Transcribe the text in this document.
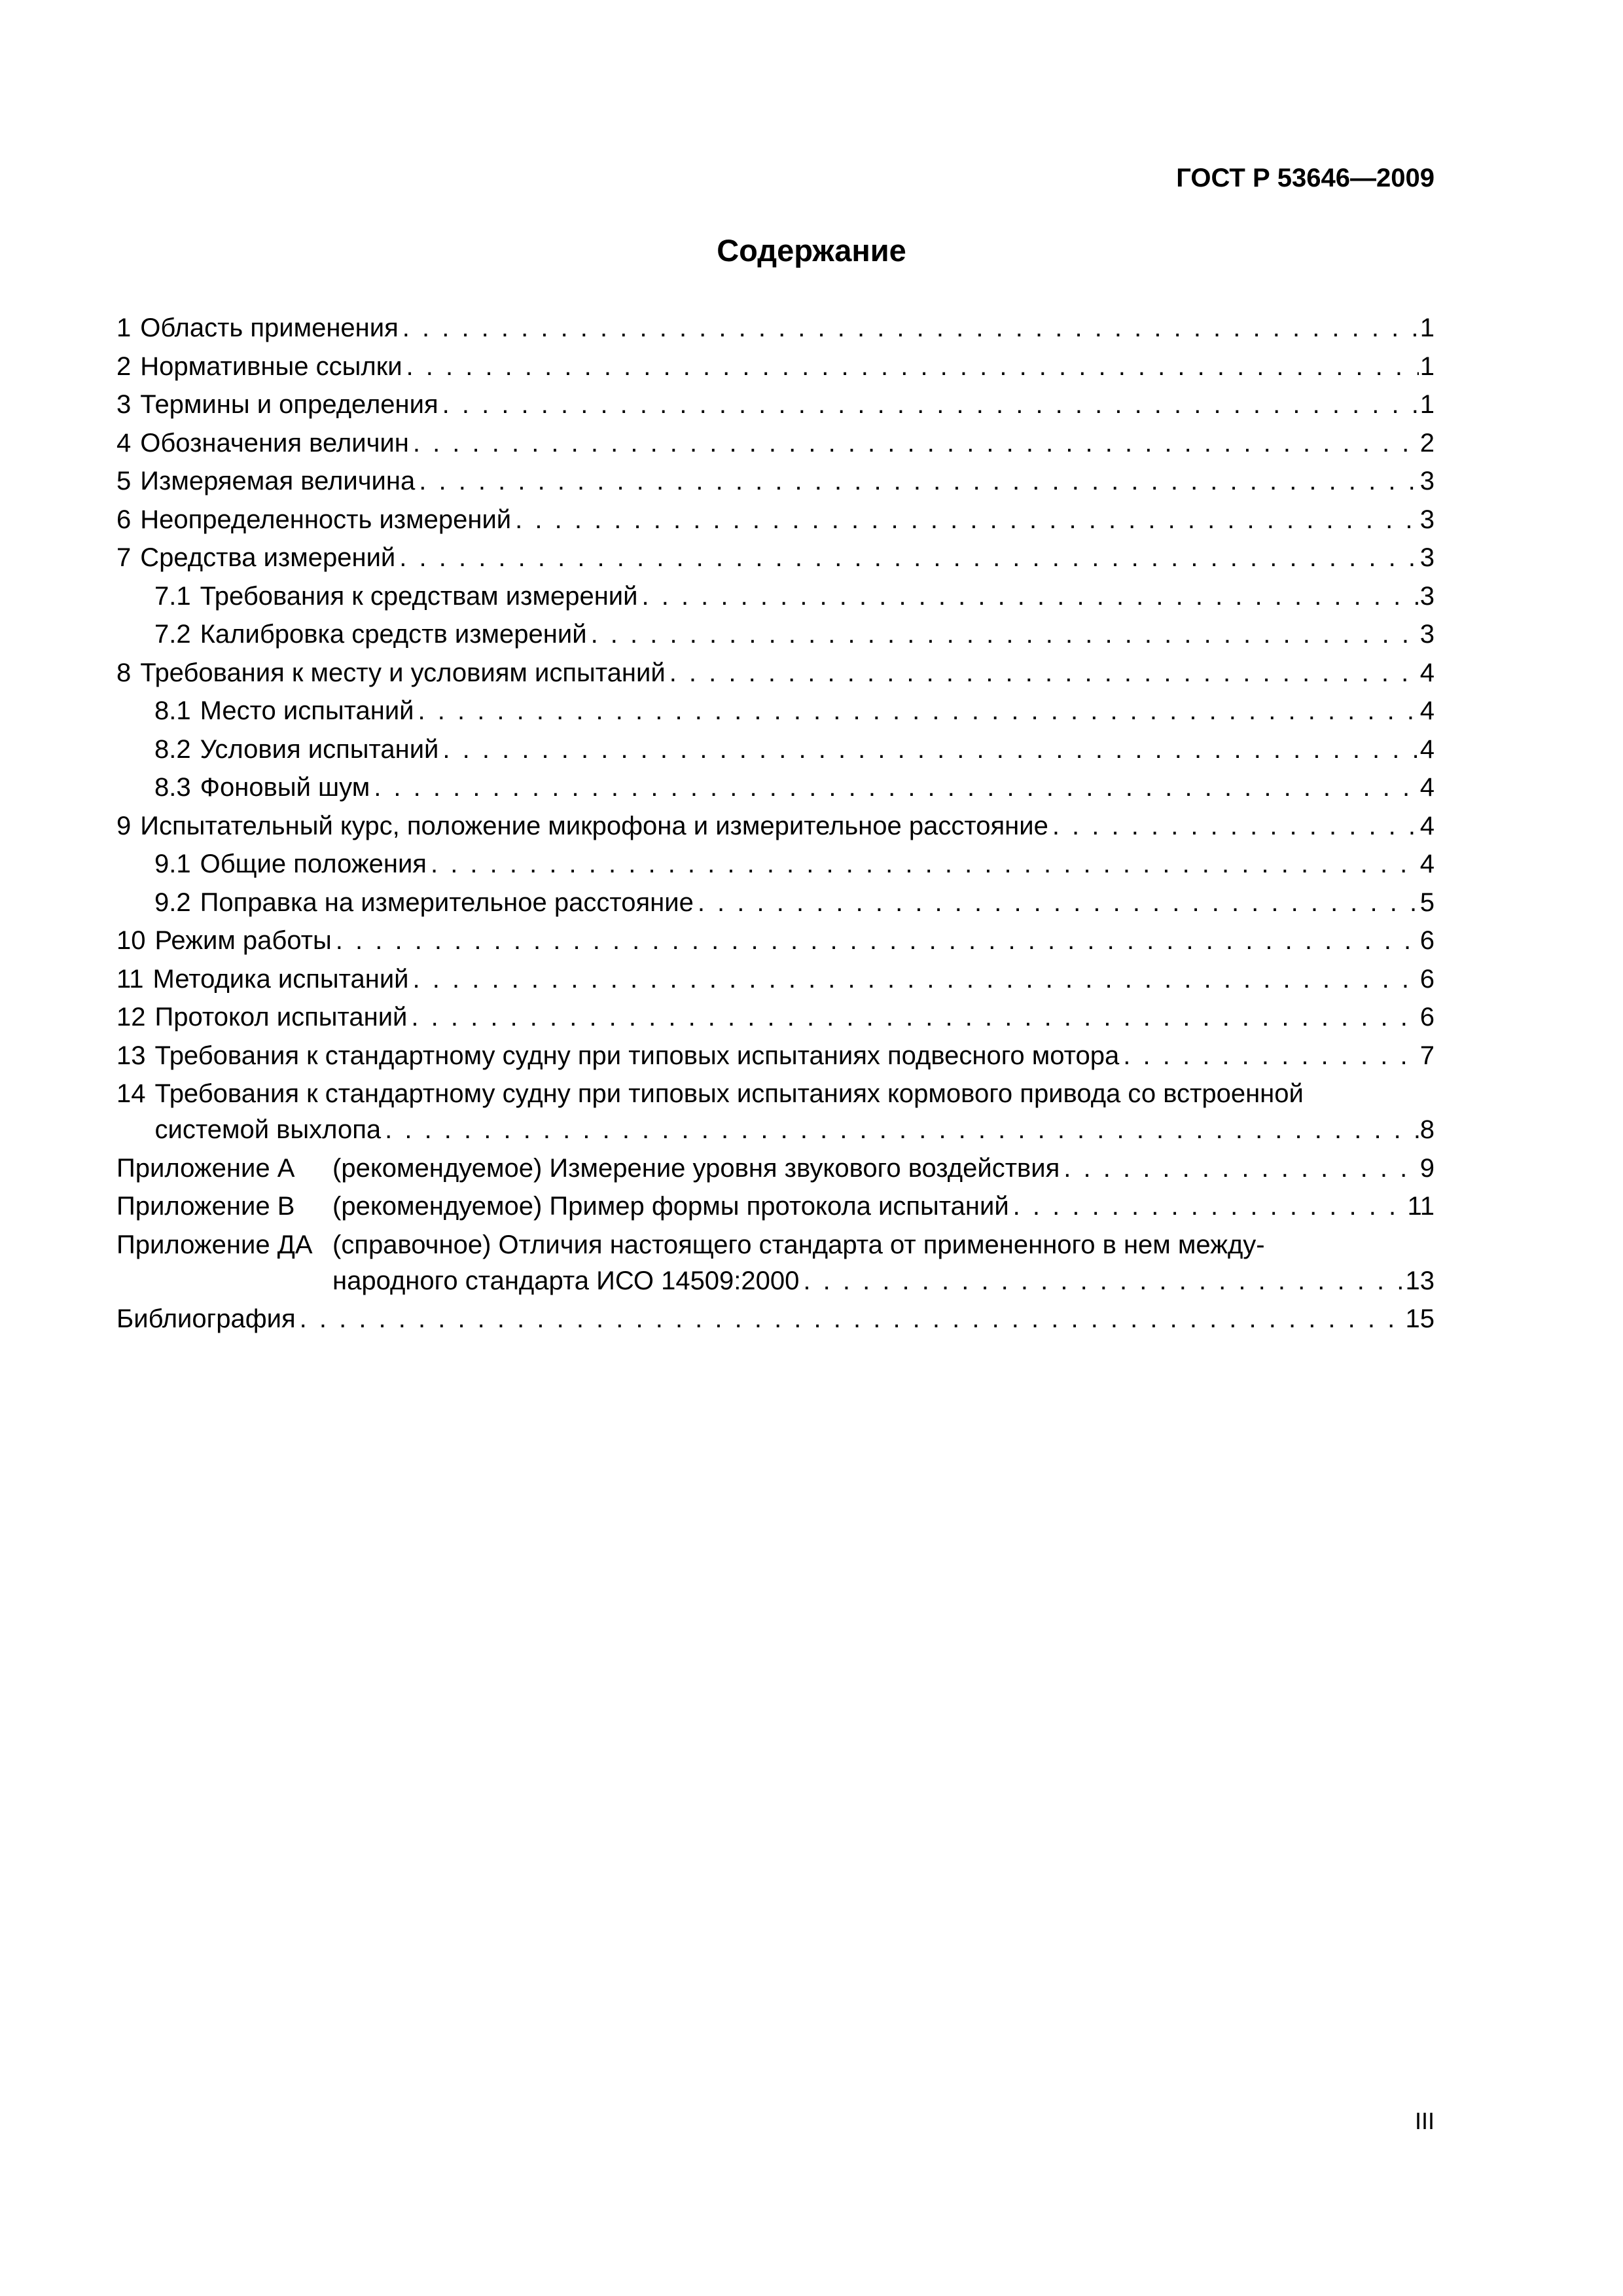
ГОСТ Р 53646—2009
Содержание
1 Область применения . . .	1
2 Нормативные ссылки . . .	1
3 Термины и определения . . .	1
4 Обозначения величин . . .	2
5 Измеряемая величина . . .	3
6 Неопределенность измерений . . .	3
7 Средства измерений . . .	3
7.1 Требования к средствам измерений . . .	3
7.2 Калибровка средств измерений . . .	3
8 Требования к месту и условиям испытаний . . .	4
8.1 Место испытаний . . .	4
8.2 Условия испытаний . . .	4
8.3 Фоновый шум . . .	4
9 Испытательный курс, положение микрофона и измерительное расстояние . . .	4
9.1 Общие положения . . .	4
9.2 Поправка на измерительное расстояние . . .	5
10 Режим работы . . .	6
11 Методика испытаний . . .	6
12 Протокол испытаний . . .	6
13 Требования к стандартному судну при типовых испытаниях подвесного мотора . . .	7
14 Требования к стандартному судну при типовых испытаниях кормового привода со встроенной
системой выхлопа . . .	8
Приложение А	(рекомендуемое) Измерение уровня звукового воздействия . . .	9
Приложение В	(рекомендуемое) Пример формы протокола испытаний . . .	11
Приложение ДА (справочное) Отличия настоящего стандарта от примененного в нем между-
народного стандарта ИСО 14509:2000 . . .	13
Библиография . . .	15
III
